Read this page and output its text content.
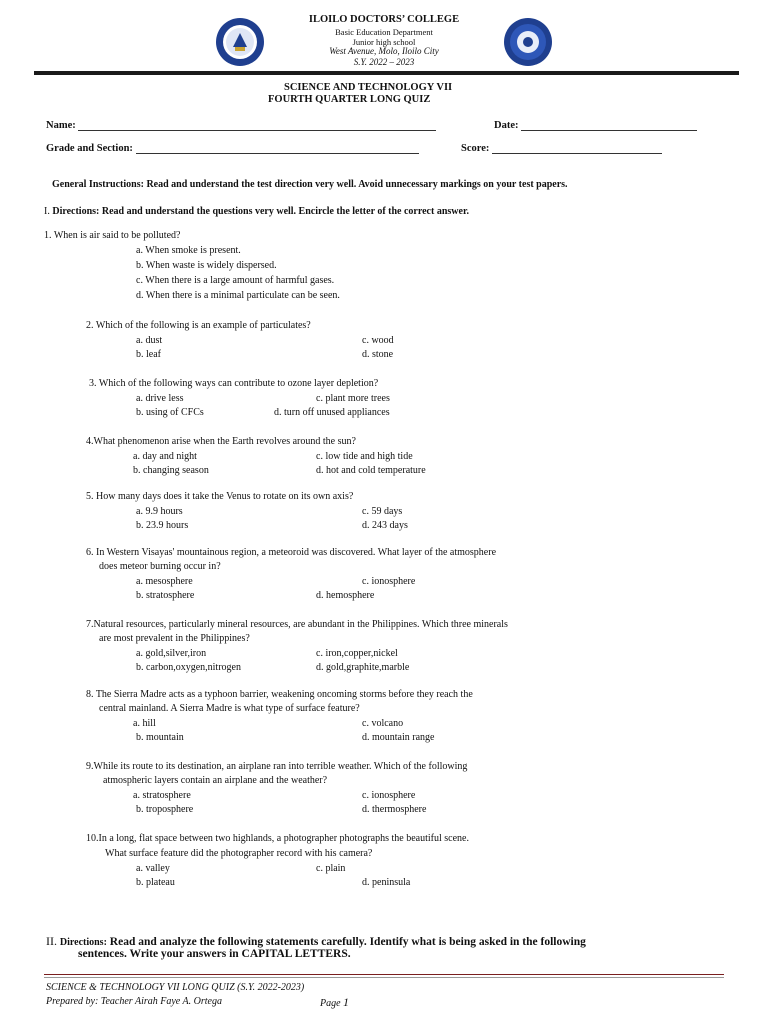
ILOILO DOCTORS’ COLLEGE
Basic Education Department
Junior high school
West Avenue, Molo, Iloilo City
S.Y. 2022 – 2023
SCIENCE AND TECHNOLOGY VII
FOURTH QUARTER LONG QUIZ
Name:	Date:
Grade and Section:	Score:
General Instructions: Read and understand the test direction very well. Avoid unnecessary markings on your test papers.
I. Directions: Read and understand the questions very well. Encircle the letter of the correct answer.
1. When is air said to be polluted?
a. When smoke is present.
b. When waste is widely dispersed.
c. When there is a large amount of harmful gases.
d. When there is a minimal particulate can be seen.
2. Which of the following is an example of particulates?
a. dust	c. wood
b. leaf	d. stone
3. Which of the following ways can contribute to ozone layer depletion?
a. drive less	c. plant more trees
b. using of CFCs	d. turn off unused appliances
4.What phenomenon arise when the Earth revolves around the sun?
a. day and night	c. low tide and high tide
b. changing season	d. hot and cold temperature
5. How many days does it take the Venus to rotate on its own axis?
a. 9.9 hours	c. 59 days
b. 23.9 hours	d. 243 days
6. In Western Visayas' mountainous region, a meteoroid was discovered. What layer of the atmosphere
does meteor burning occur in?
a. mesosphere	c. ionosphere
b. stratosphere	d. hemosphere
7.Natural resources, particularly mineral resources, are abundant in the Philippines. Which three minerals
are most prevalent in the Philippines?
a. gold,silver,iron	c. iron,copper,nickel
b. carbon,oxygen,nitrogen	d. gold,graphite,marble
8. The Sierra Madre acts as a typhoon barrier, weakening oncoming storms before they reach the
central mainland. A Sierra Madre is what type of surface feature?
a. hill	c. volcano
b. mountain	d. mountain range
9.While its route to its destination, an airplane ran into terrible weather. Which of the following
atmospheric layers contain an airplane and the weather?
a. stratosphere	c. ionosphere
b. troposphere	d. thermosphere
10.In a long, flat space between two highlands, a photographer photographs the beautiful scene.
What surface feature did the photographer record with his camera?
a. valley	c. plain
b. plateau	d. peninsula
II. Directions: Read and analyze the following statements carefully. Identify what is being asked in the following
sentences. Write your answers in CAPITAL LETTERS.
SCIENCE & TECHNOLOGY VII LONG QUIZ (S.Y. 2022-2023)
Prepared by: Teacher Airah Faye A. Ortega	Page 1
